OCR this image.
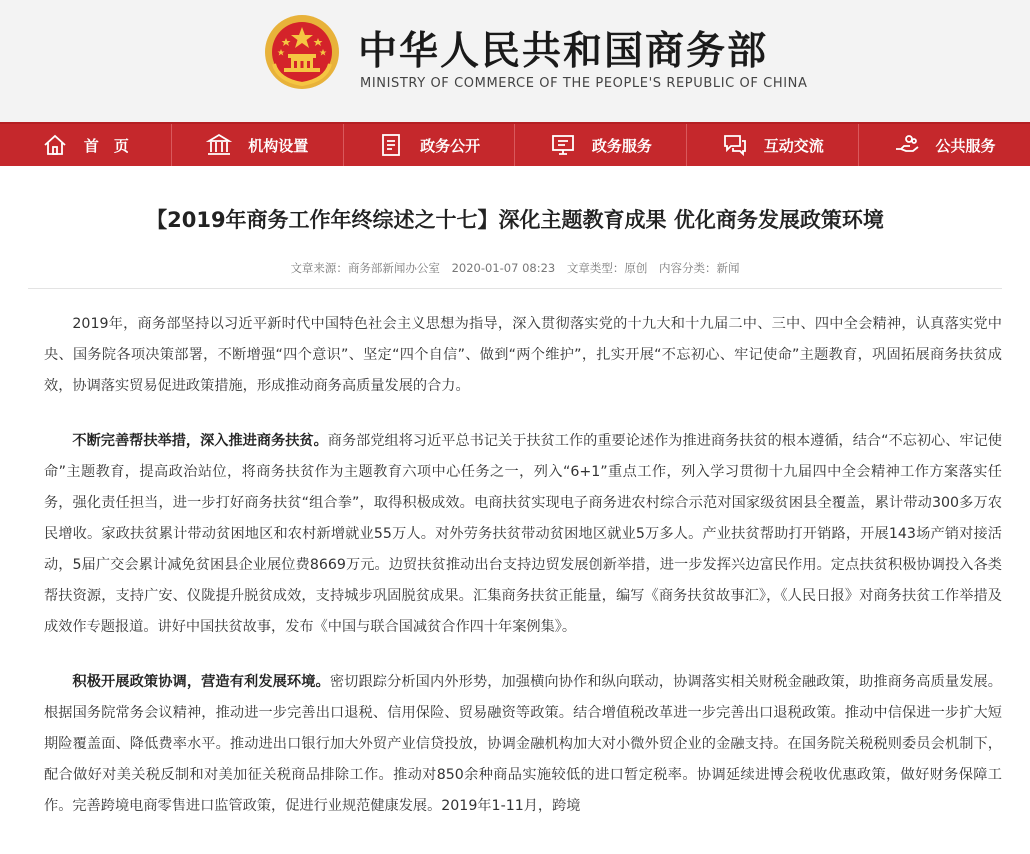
中华人民共和国商务部
MINISTRY OF COMMERCE OF THE PEOPLE'S REPUBLIC OF CHINA
首　页	机构设置	政务公开	政务服务	互动交流	公共服务
【2019年商务工作年终综述之十七】深化主题教育成果 优化商务发展政策环境
文章来源：商务部新闻办公室 2020-01-07 08:23 文章类型：原创 内容分类：新闻

2019年，商务部坚持以习近平新时代中国特色社会主义思想为指导，深入贯彻落实党的十九大和十九届二中、三中、四中全会精神，认真落实党中央、国务院各项决策部署，不断增强“四个意识”、坚定“四个自信”、做到“两个维护”，扎实开展“不忘初心、牢记使命”主题教育，巩固拓展商务扶贫成效，协调落实贸易促进政策措施，形成推动商务高质量发展的合力。

不断完善帮扶举措，深入推进商务扶贫。商务部党组将习近平总书记关于扶贫工作的重要论述作为推进商务扶贫的根本遵循，结合“不忘初心、牢记使命”主题教育，提高政治站位，将商务扶贫作为主题教育六项中心任务之一，列入“6+1”重点工作，列入学习贯彻十九届四中全会精神工作方案落实任务，强化责任担当，进一步打好商务扶贫“组合拳”，取得积极成效。电商扶贫实现电子商务进农村综合示范对国家级贫困县全覆盖，累计带动300多万农民增收。家政扶贫累计带动贫困地区和农村新增就业55万人。对外劳务扶贫带动贫困地区就业5万多人。产业扶贫帮助打开销路，开展143场产销对接活动，5届广交会累计减免贫困县企业展位费8669万元。边贸扶贫推动出台支持边贸发展创新举措，进一步发挥兴边富民作用。定点扶贫积极协调投入各类帮扶资源，支持广安、仪陇提升脱贫成效，支持城步巩固脱贫成果。汇集商务扶贫正能量，编写《商务扶贫故事汇》，《人民日报》对商务扶贫工作举措及成效作专题报道。讲好中国扶贫故事，发布《中国与联合国减贫合作四十年案例集》。

积极开展政策协调，营造有利发展环境。密切跟踪分析国内外形势，加强横向协作和纵向联动，协调落实相关财税金融政策，助推商务高质量发展。根据国务院常务会议精神，推动进一步完善出口退税、信用保险、贸易融资等政策。结合增值税改革进一步完善出口退税政策。推动中信保进一步扩大短期险覆盖面、降低费率水平。推动进出口银行加大外贸产业信贷投放，协调金融机构加大对小微外贸企业的金融支持。在国务院关税税则委员会机制下，配合做好对美关税反制和对美加征关税商品排除工作。推动对850余种商品实施较低的进口暂定税率。协调延续进博会税收优惠政策，做好财务保障工作。完善跨境电商零售进口监管政策，促进行业规范健康发展。2019年1-11月，跨境
